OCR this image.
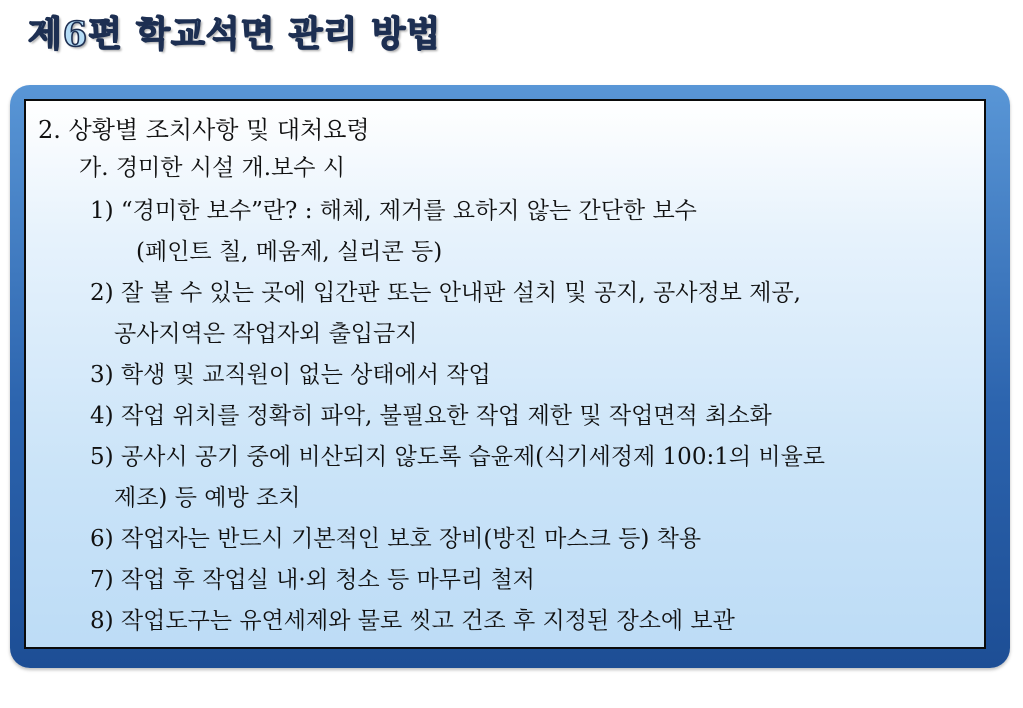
제6편 학교석면 관리 방법
2. 상황별 조치사항 및 대처요령
가. 경미한 시설 개.보수 시
1) “경미한 보수”란? : 해체, 제거를 요하지 않는 간단한 보수
(페인트 칠, 메움제, 실리콘 등)
2) 잘 볼 수 있는 곳에 입간판 또는 안내판 설치 및 공지, 공사정보 제공,
공사지역은 작업자외 출입금지
3) 학생 및 교직원이 없는 상태에서 작업
4) 작업 위치를 정확히 파악, 불필요한 작업 제한 및 작업면적 최소화
5) 공사시 공기 중에 비산되지 않도록 습윤제(식기세정제 100:1의 비율로
제조) 등 예방 조치
6) 작업자는 반드시 기본적인 보호 장비(방진 마스크 등) 착용
7) 작업 후 작업실 내·외 청소 등 마무리 철저
8) 작업도구는 유연세제와 물로 씻고 건조 후 지정된 장소에 보관
